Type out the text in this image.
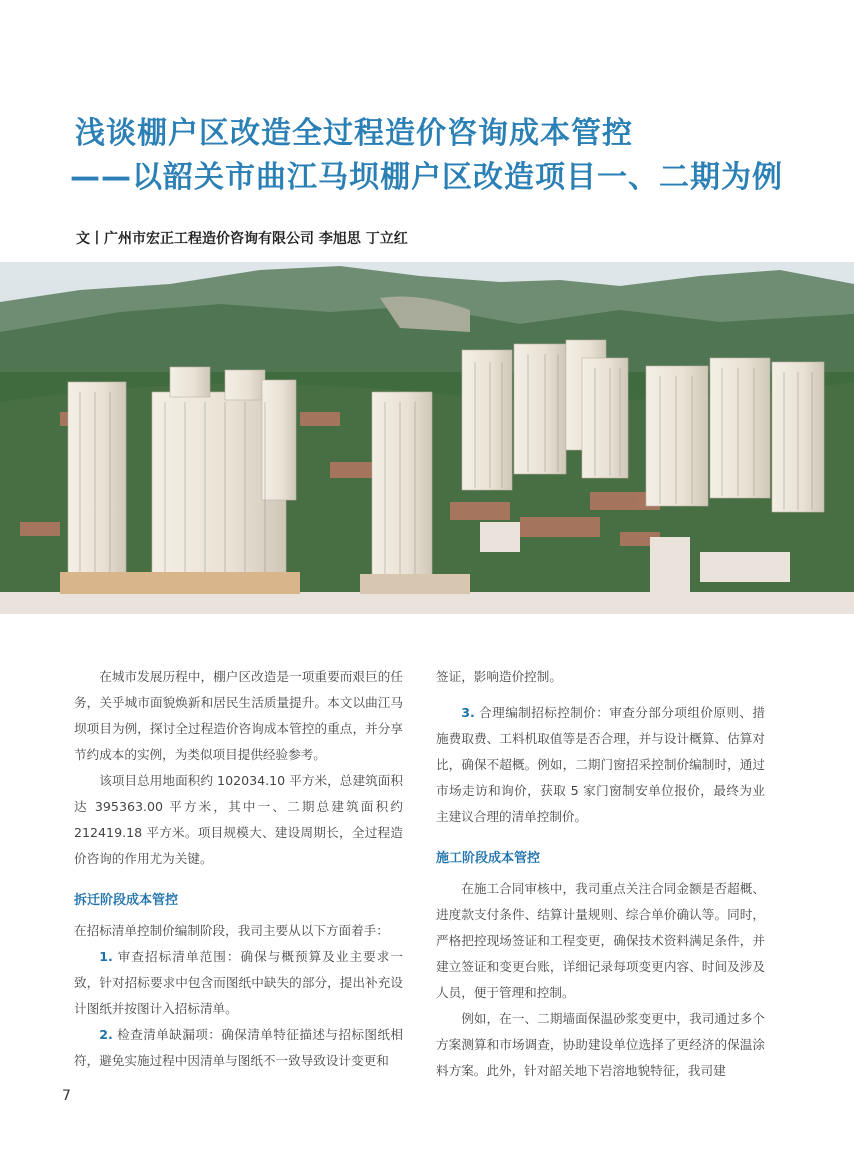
浅谈棚户区改造全过程造价咨询成本管控
——以韶关市曲江马坝棚户区改造项目一、二期为例
文丨广州市宏正工程造价咨询有限公司 李旭思 丁立红

在城市发展历程中，棚户区改造是一项重要而艰巨的任务，关乎城市面貌焕新和居民生活质量提升。本文以曲江马坝项目为例，探讨全过程造价咨询成本管控的重点，并分享节约成本的实例，为类似项目提供经验参考。

该项目总用地面积约 102034.10 平方米，总建筑面积达 395363.00 平方米，其中一、二期总建筑面积约 212419.18 平方米。项目规模大、建设周期长，全过程造价咨询的作用尤为关键。

拆迁阶段成本管控

在招标清单控制价编制阶段，我司主要从以下方面着手：

1. 审查招标清单范围：确保与概预算及业主要求一致，针对招标要求中包含而图纸中缺失的部分，提出补充设计图纸并按图计入招标清单。

2. 检查清单缺漏项：确保清单特征描述与招标图纸相符，避免实施过程中因清单与图纸不一致导致设计变更和

签证，影响造价控制。

3. 合理编制招标控制价：审查分部分项组价原则、措施费取费、工料机取值等是否合理，并与设计概算、估算对比，确保不超概。例如，二期门窗招采控制价编制时，通过市场走访和询价，获取 5 家门窗制安单位报价，最终为业主建议合理的清单控制价。

施工阶段成本管控

在施工合同审核中，我司重点关注合同金额是否超概、进度款支付条件、结算计量规则、综合单价确认等。同时，严格把控现场签证和工程变更，确保技术资料满足条件，并建立签证和变更台账，详细记录每项变更内容、时间及涉及人员，便于管理和控制。

例如，在一、二期墙面保温砂浆变更中，我司通过多个方案测算和市场调查，协助建设单位选择了更经济的保温涂料方案。此外，针对韶关地下岩溶地貌特征，我司建

7
